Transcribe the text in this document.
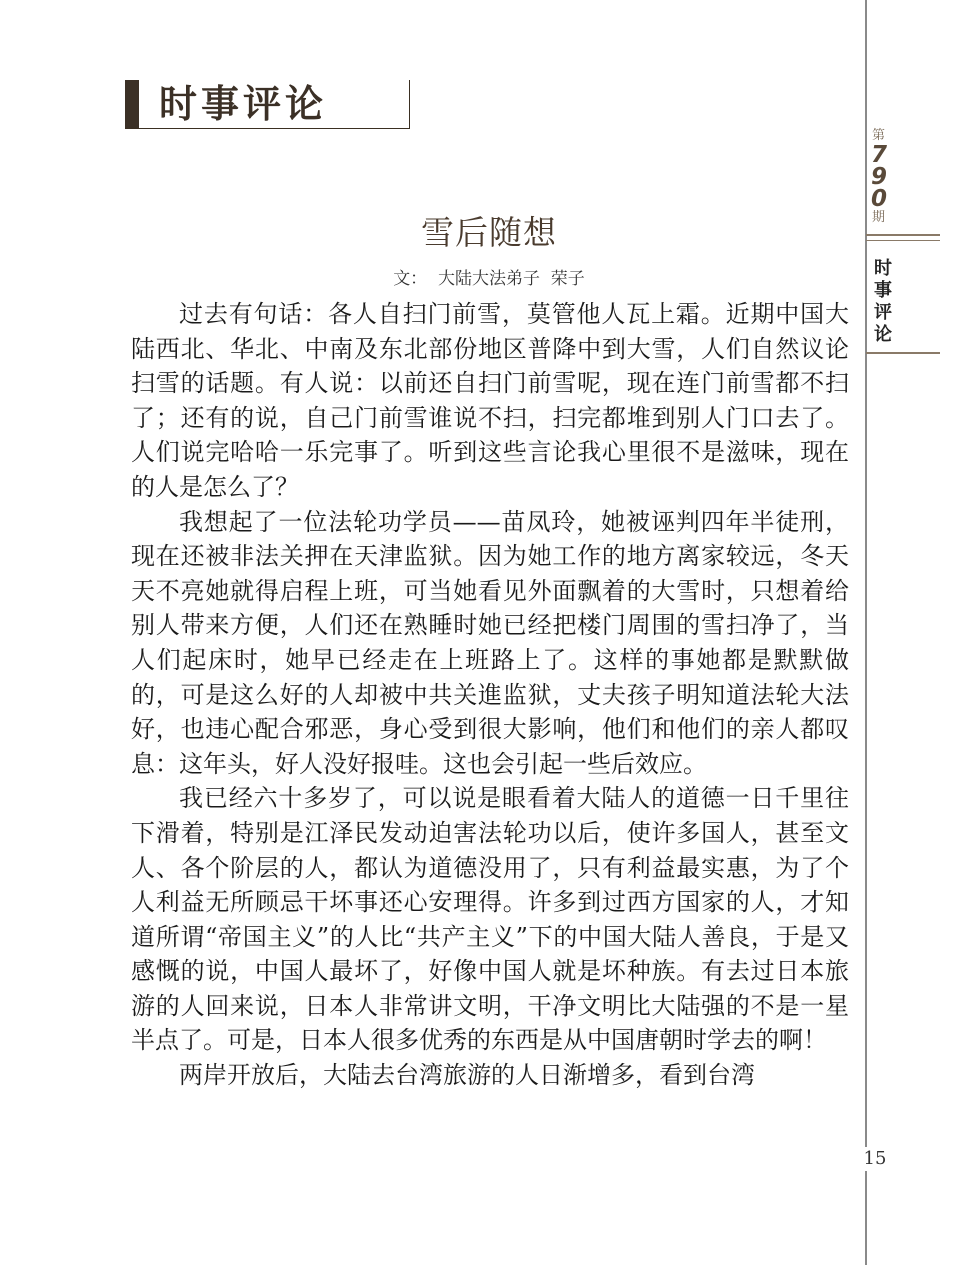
时事评论
第
7
9
0
期
时
事
评
论
雪后随想
文：  大陆大法弟子  荣子

过去有句话：各人自扫门前雪，莫管他人瓦上霜。近期中国大陆西北、华北、中南及东北部份地区普降中到大雪，人们自然议论扫雪的话题。有人说：以前还自扫门前雪呢，现在连门前雪都不扫了；还有的说，自己门前雪谁说不扫，扫完都堆到别人门口去了。人们说完哈哈一乐完事了。听到这些言论我心里很不是滋味，现在的人是怎么了？

我想起了一位法轮功学员——苗凤玲，她被诬判四年半徒刑，现在还被非法关押在天津监狱。因为她工作的地方离家较远，冬天天不亮她就得启程上班，可当她看见外面飘着的大雪时，只想着给别人带来方便，人们还在熟睡时她已经把楼门周围的雪扫净了，当人们起床时，她早已经走在上班路上了。这样的事她都是默默做的，可是这么好的人却被中共关進监狱，丈夫孩子明知道法轮大法好，也违心配合邪恶，身心受到很大影响，他们和他们的亲人都叹息：这年头，好人没好报哇。这也会引起一些后效应。

我已经六十多岁了，可以说是眼看着大陆人的道德一日千里往下滑着，特别是江泽民发动迫害法轮功以后，使许多国人，甚至文人、各个阶层的人，都认为道德没用了，只有利益最实惠，为了个人利益无所顾忌干坏事还心安理得。许多到过西方国家的人，才知道所谓“帝国主义”的人比“共产主义”下的中国大陆人善良，于是又感慨的说，中国人最坏了，好像中国人就是坏种族。有去过日本旅游的人回来说，日本人非常讲文明，干净文明比大陆强的不是一星半点了。可是，日本人很多优秀的东西是从中国唐朝时学去的啊！

两岸开放后，大陆去台湾旅游的人日渐增多，看到台湾

15
